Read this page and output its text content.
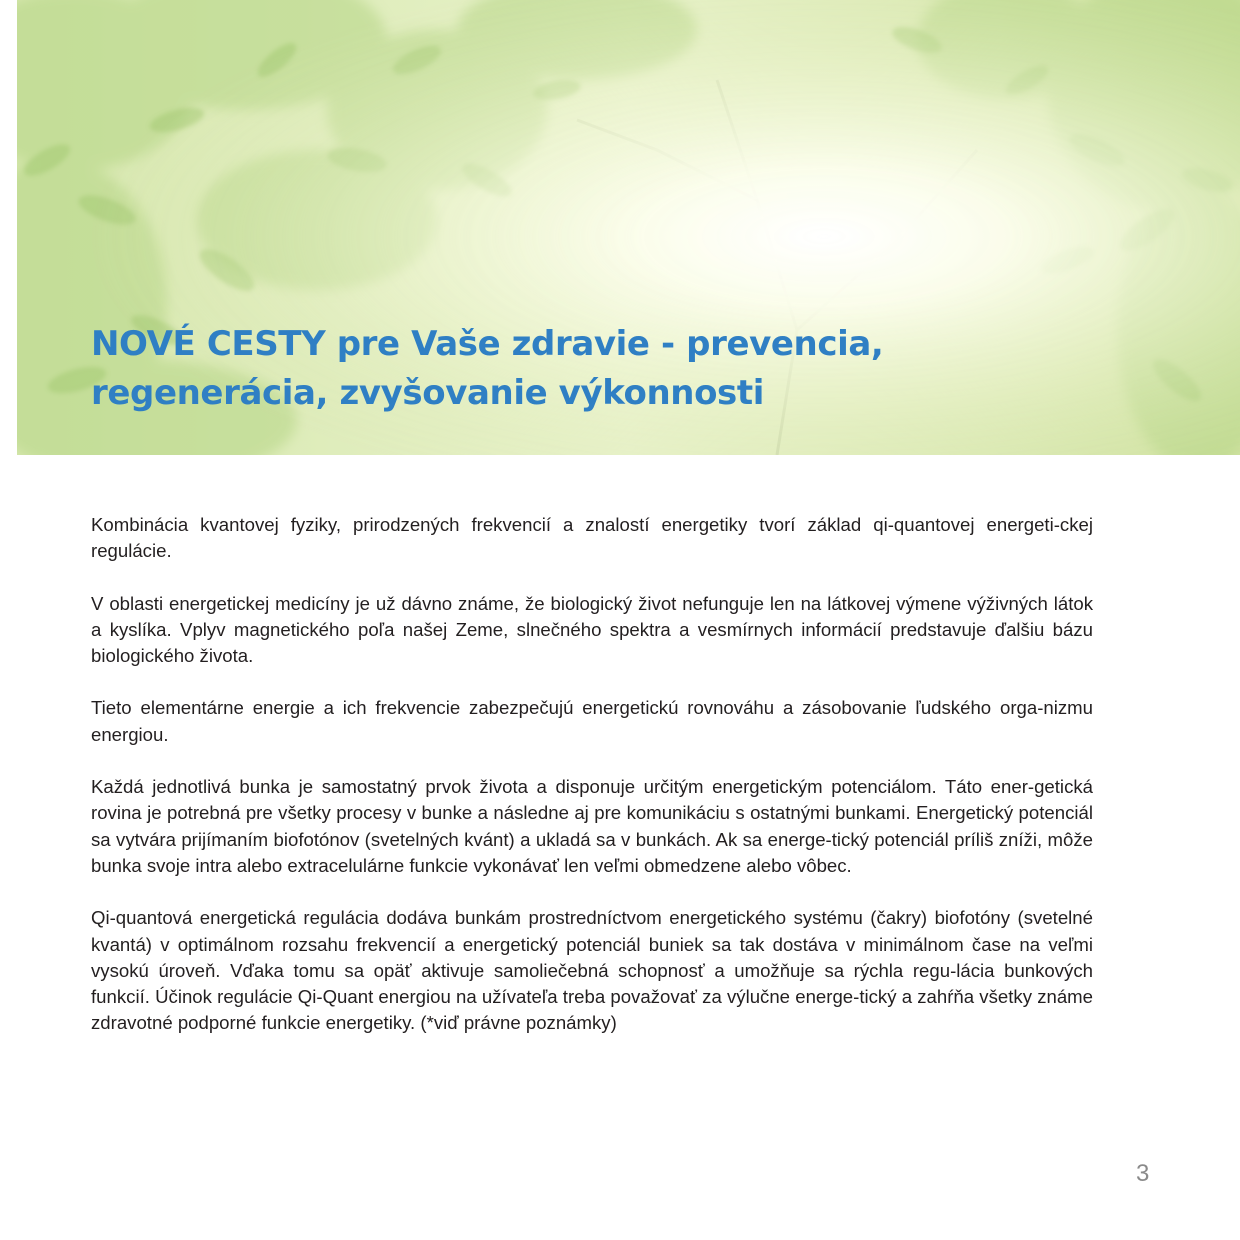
NOVÉ CESTY pre Vaše zdravie - prevencia,
regenerácia, zvyšovanie výkonnosti

Kombinácia kvantovej fyziky, prirodzených frekvencií a znalostí energetiky tvorí základ qi-quantovej energeti-ckej regulácie.

V oblasti energetickej medicíny je už dávno známe, že biologický život nefunguje len na látkovej výmene výživných látok a kyslíka. Vplyv magnetického poľa našej Zeme, slnečného spektra a vesmírnych informácií predstavuje ďalšiu bázu biologického života.

Tieto elementárne energie a ich frekvencie zabezpečujú energetickú rovnováhu a zásobovanie ľudského orga-nizmu energiou.

Každá jednotlivá bunka je samostatný prvok života a disponuje určitým energetickým potenciálom. Táto ener-getická rovina je potrebná pre všetky procesy v bunke a následne aj pre komunikáciu s ostatnými bunkami. Energetický potenciál sa vytvára prijímaním biofotónov (svetelných kvánt) a ukladá sa v bunkách. Ak sa energe-tický potenciál príliš zníži, môže bunka svoje intra alebo extracelulárne funkcie vykonávať len veľmi obmedzene alebo vôbec.

Qi-quantová energetická regulácia dodáva bunkám prostredníctvom energetického systému (čakry) biofotóny (svetelné kvantá) v optimálnom rozsahu frekvencií a energetický potenciál buniek sa tak dostáva v minimálnom čase na veľmi vysokú úroveň. Vďaka tomu sa opäť aktivuje samoliečebná schopnosť a umožňuje sa rýchla regu-lácia bunkových funkcií. Účinok regulácie Qi-Quant energiou na užívateľa treba považovať za výlučne energe-tický a zahŕňa všetky známe zdravotné podporné funkcie energetiky. (*viď právne poznámky)

3
